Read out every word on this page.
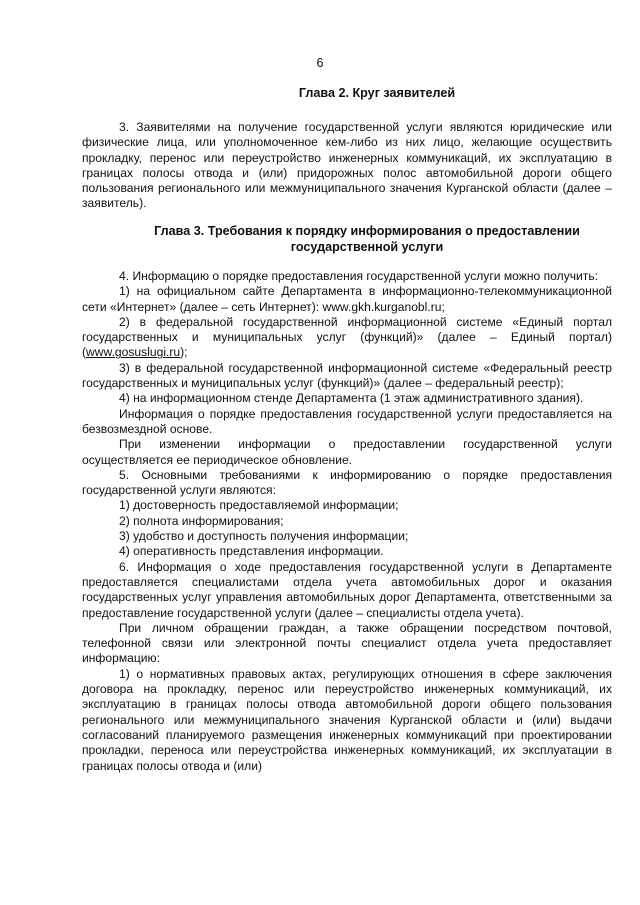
6
Глава 2. Круг заявителей

3. Заявителями на получение государственной услуги являются юридические или физические лица, или уполномоченное кем-либо из них лицо, желающие осуществить прокладку, перенос или переустройство инженерных коммуникаций, их эксплуатацию в границах полосы отвода и (или) придорожных полос автомобильной дороги общего пользования регионального или межмуниципального значения Курганской области (далее – заявитель).

Глава 3. Требования к порядку информирования о предоставлении
государственной услуги

4. Информацию о порядке предоставления государственной услуги можно получить:

1) на официальном сайте Департамента в информационно-телекоммуникационной сети «Интернет» (далее – сеть Интернет): www.gkh.kurganobl.ru;

2) в федеральной государственной информационной системе «Единый портал государственных и муниципальных услуг (функций)» (далее – Единый портал) (www.gosuslugi.ru);

3) в федеральной государственной информационной системе «Федеральный реестр государственных и муниципальных услуг (функций)» (далее – федеральный реестр);

4) на информационном стенде Департамента (1 этаж административного здания).

Информация о порядке предоставления государственной услуги предоставляется на безвозмездной основе.

При изменении информации о предоставлении государственной услуги осуществляется ее периодическое обновление.

5. Основными требованиями к информированию о порядке предоставления государственной услуги являются:

1) достоверность предоставляемой информации;

2) полнота информирования;

3) удобство и доступность получения информации;

4) оперативность представления информации.

6. Информация о ходе предоставления государственной услуги в Департаменте предоставляется специалистами отдела учета автомобильных дорог и оказания государственных услуг управления автомобильных дорог Департамента, ответственными за предоставление государственной услуги (далее – специалисты отдела учета).

При личном обращении граждан, а также обращении посредством почтовой, телефонной связи или электронной почты специалист отдела учета предоставляет информацию:

1) о нормативных правовых актах, регулирующих отношения в сфере заключения договора на прокладку, перенос или переустройство инженерных коммуникаций, их эксплуатацию в границах полосы отвода автомобильной дороги общего пользования регионального или межмуниципального значения Курганской области и (или) выдачи согласований планируемого размещения инженерных коммуникаций при проектировании прокладки, переноса или переустройства инженерных коммуникаций, их эксплуатации в границах полосы отвода и (или)
